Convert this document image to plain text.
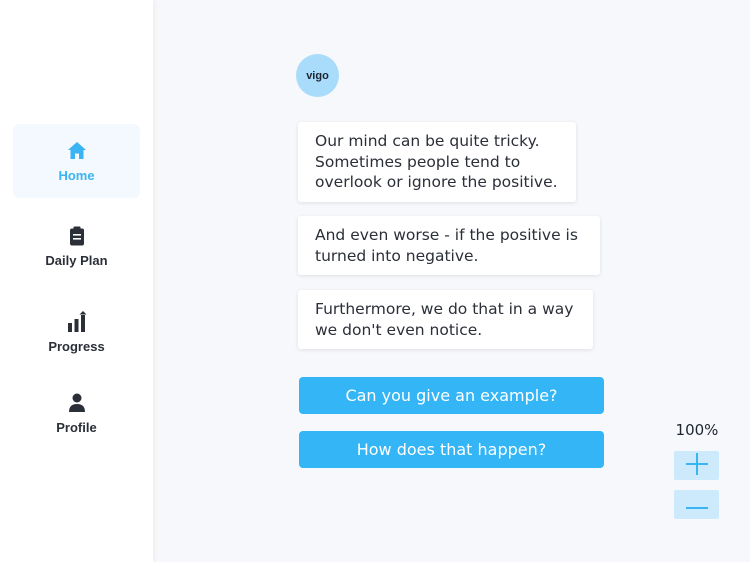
Home
Daily Plan
Progress
Profile
vigo
Our mind can be quite tricky.
Sometimes people tend to
overlook or ignore the positive.
And even worse - if the positive is
turned into negative.
Furthermore, we do that in a way
we don't even notice.
Can you give an example?
How does that happen?
100%
